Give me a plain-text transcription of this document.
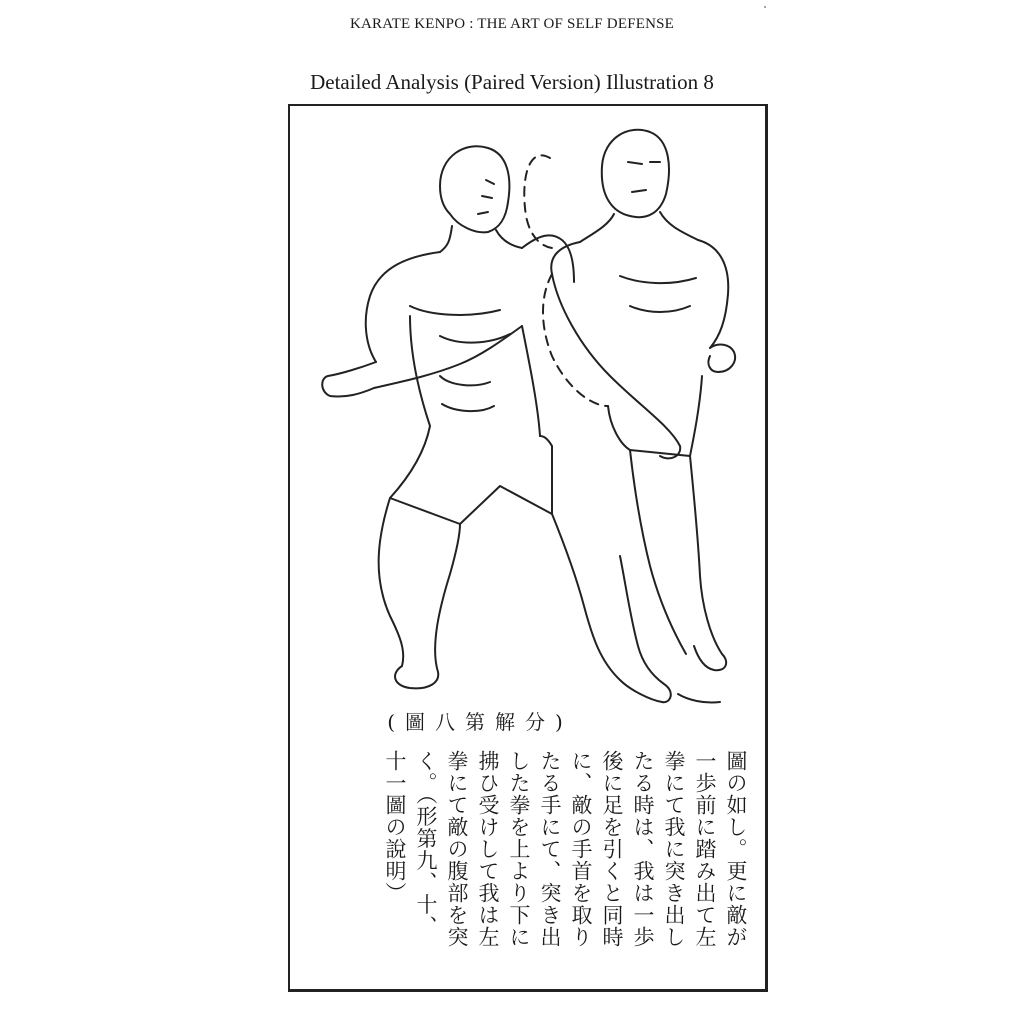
KARATE KENPO : THE ART OF SELF DEFENSE
Detailed Analysis (Paired Version) Illustration 8
(圖八第解分)
圖の如し。更に敵が
一歩前に踏み出て左
拳にて我に突き出し
たる時は、我は一歩
後に足を引くと同時
に、敵の手首を取り
たる手にて、突き出
した拳を上より下に
拂ひ受けして我は左
拳にて敵の腹部を突
く。（形第九、十、
十一圖の說明）
